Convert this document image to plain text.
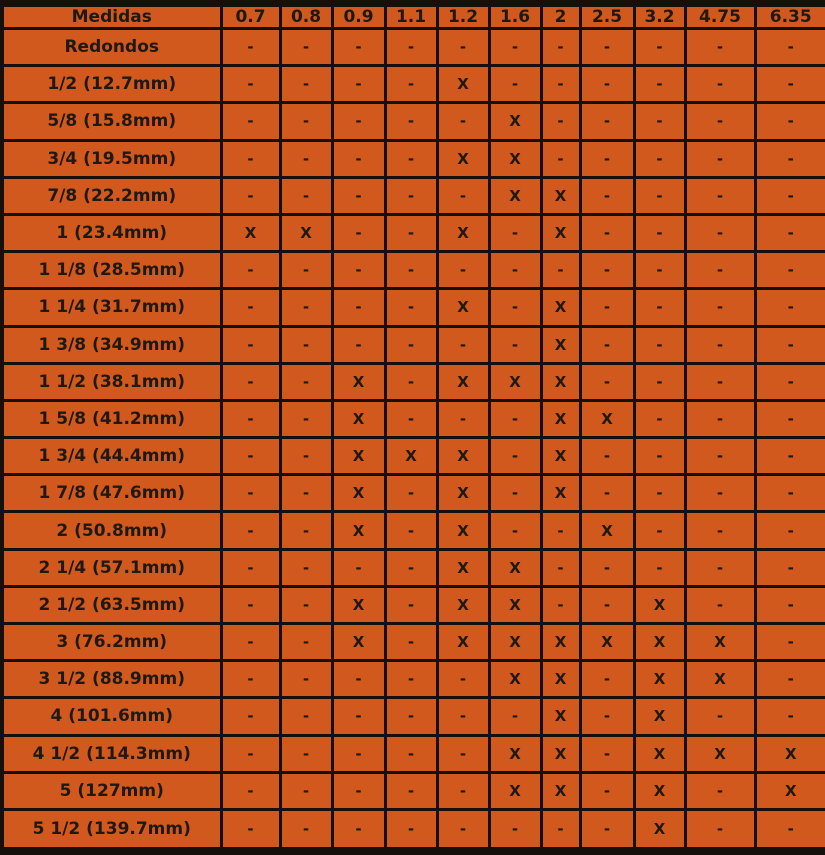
Medidas	0.7	0.8	0.9	1.1	1.2	1.6	2	2.5	3.2	4.75	6.35
Redondos	-	-	-	-	-	-	-	-	-	-	-
1/2 (12.7mm)	-	-	-	-	X	-	-	-	-	-	-
5/8 (15.8mm)	-	-	-	-	-	X	-	-	-	-	-
3/4 (19.5mm)	-	-	-	-	X	X	-	-	-	-	-
7/8 (22.2mm)	-	-	-	-	-	X	X	-	-	-	-
1 (23.4mm)	X	X	-	-	X	-	X	-	-	-	-
1 1/8 (28.5mm)	-	-	-	-	-	-	-	-	-	-	-
1 1/4 (31.7mm)	-	-	-	-	X	-	X	-	-	-	-
1 3/8 (34.9mm)	-	-	-	-	-	-	X	-	-	-	-
1 1/2 (38.1mm)	-	-	X	-	X	X	X	-	-	-	-
1 5/8 (41.2mm)	-	-	X	-	-	-	X	X	-	-	-
1 3/4 (44.4mm)	-	-	X	X	X	-	X	-	-	-	-
1 7/8 (47.6mm)	-	-	X	-	X	-	X	-	-	-	-
2 (50.8mm)	-	-	X	-	X	-	-	X	-	-	-
2 1/4 (57.1mm)	-	-	-	-	X	X	-	-	-	-	-
2 1/2 (63.5mm)	-	-	X	-	X	X	-	-	X	-	-
3 (76.2mm)	-	-	X	-	X	X	X	X	X	X	-
3 1/2 (88.9mm)	-	-	-	-	-	X	X	-	X	X	-
4 (101.6mm)	-	-	-	-	-	-	X	-	X	-	-
4 1/2 (114.3mm)	-	-	-	-	-	X	X	-	X	X	X
5 (127mm)	-	-	-	-	-	X	X	-	X	-	X
5 1/2 (139.7mm)	-	-	-	-	-	-	-	-	X	-	-
